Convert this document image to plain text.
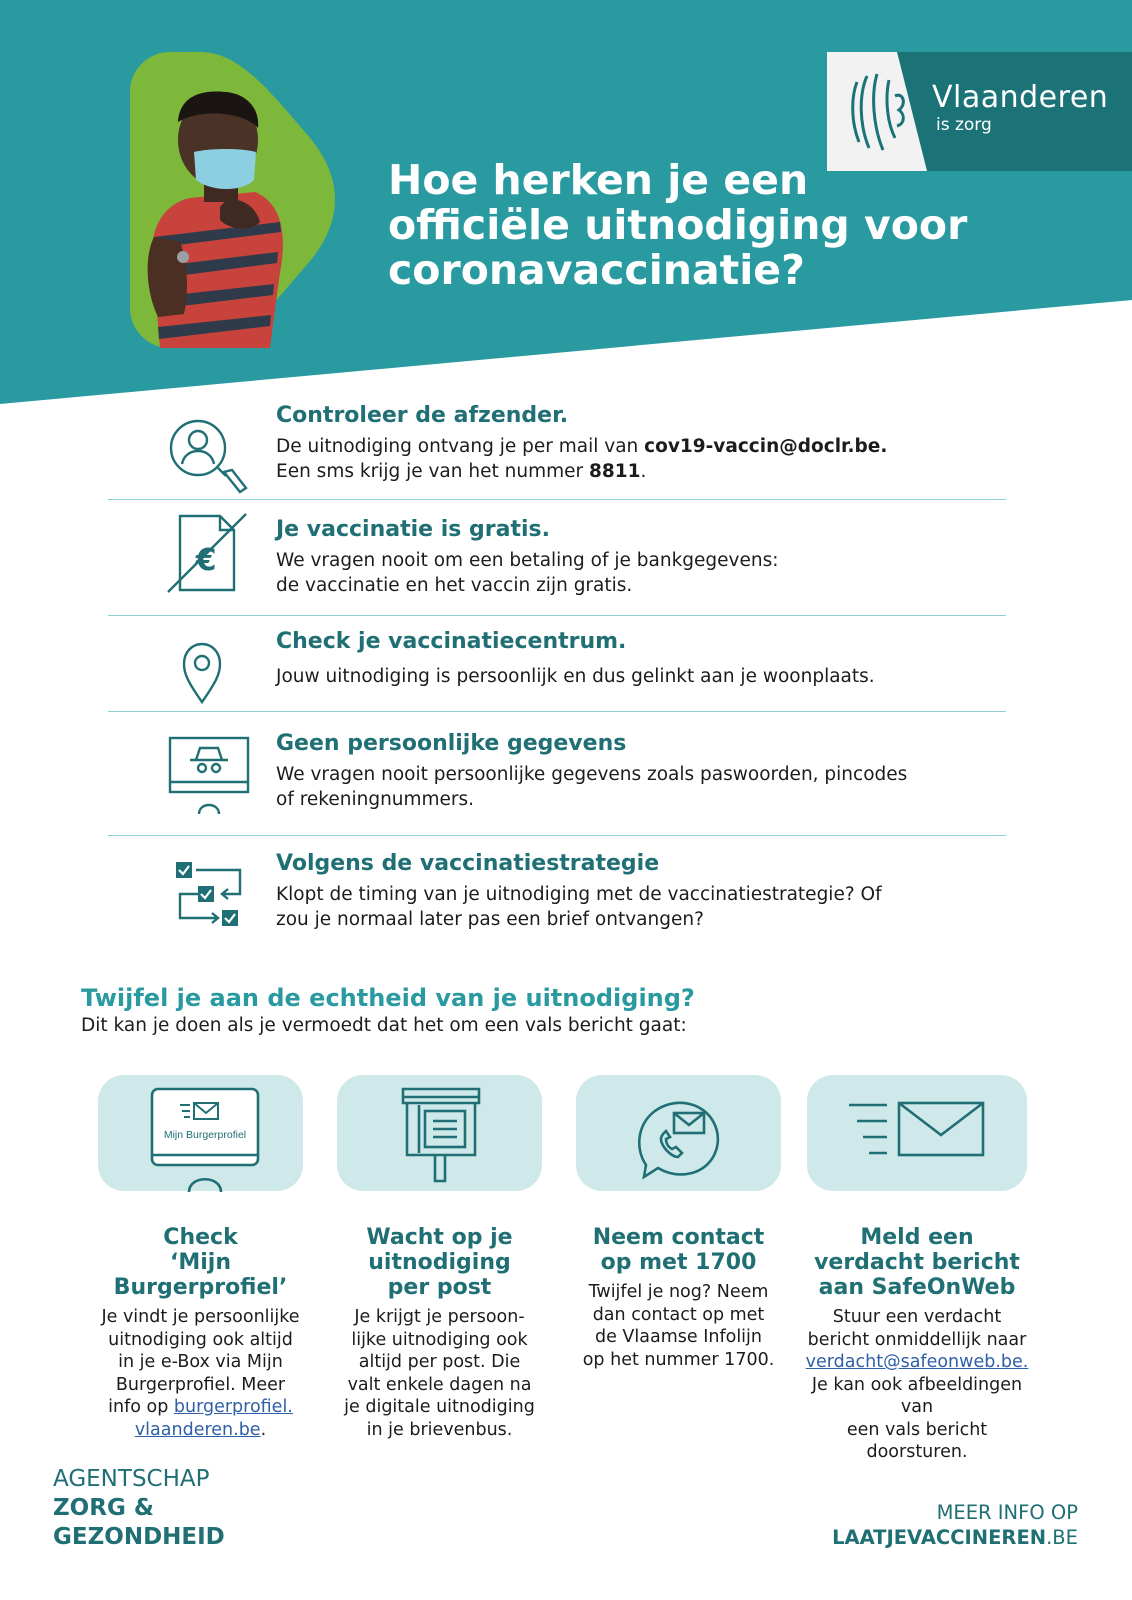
Vlaanderen
is zorg
Hoe herken je een
officiële uitnodiging voor
coronavaccinatie?
Controleer de afzender.

De uitnodiging ontvang je per mail van cov19-vaccin@doclr.be.
Een sms krijg je van het nummer 8811.

€
Je vaccinatie is gratis.

We vragen nooit om een betaling of je bankgegevens:
de vaccinatie en het vaccin zijn gratis.

Check je vaccinatiecentrum.

Jouw uitnodiging is persoonlijk en dus gelinkt aan je woonplaats.

Geen persoonlijke gegevens

We vragen nooit persoonlijke gegevens zoals paswoorden, pincodes
of rekeningnummers.

Volgens de vaccinatiestrategie

Klopt de timing van je uitnodiging met de vaccinatiestrategie? Of
zou je normaal later pas een brief ontvangen?

Twijfel je aan de echtheid van je uitnodiging?

Dit kan je doen als je vermoedt dat het om een vals bericht gaat:

Mijn Burgerprofiel
Check
‘Mijn Burgerprofiel’

Je vindt je persoonlijke
uitnodiging ook altijd
in je e-Box via Mijn
Burgerprofiel. Meer
info op burgerprofiel.
vlaanderen.be.

Wacht op je
uitnodiging
per post

Je krijgt je persoon-
lijke uitnodiging ook
altijd per post. Die
valt enkele dagen na
je digitale uitnodiging
in je brievenbus.

Neem contact
op met 1700

Twijfel je nog? Neem
dan contact op met
de Vlaamse Infolijn
op het nummer 1700.

Meld een
verdacht bericht
aan SafeOnWeb

Stuur een verdacht
bericht onmiddellijk naar
verdacht@safeonweb.be.
Je kan ook afbeeldingen van
een vals bericht doorsturen.

AGENTSCHAP
ZORG &
GEZONDHEID
MEER INFO OP
LAATJEVACCINEREN.BE
